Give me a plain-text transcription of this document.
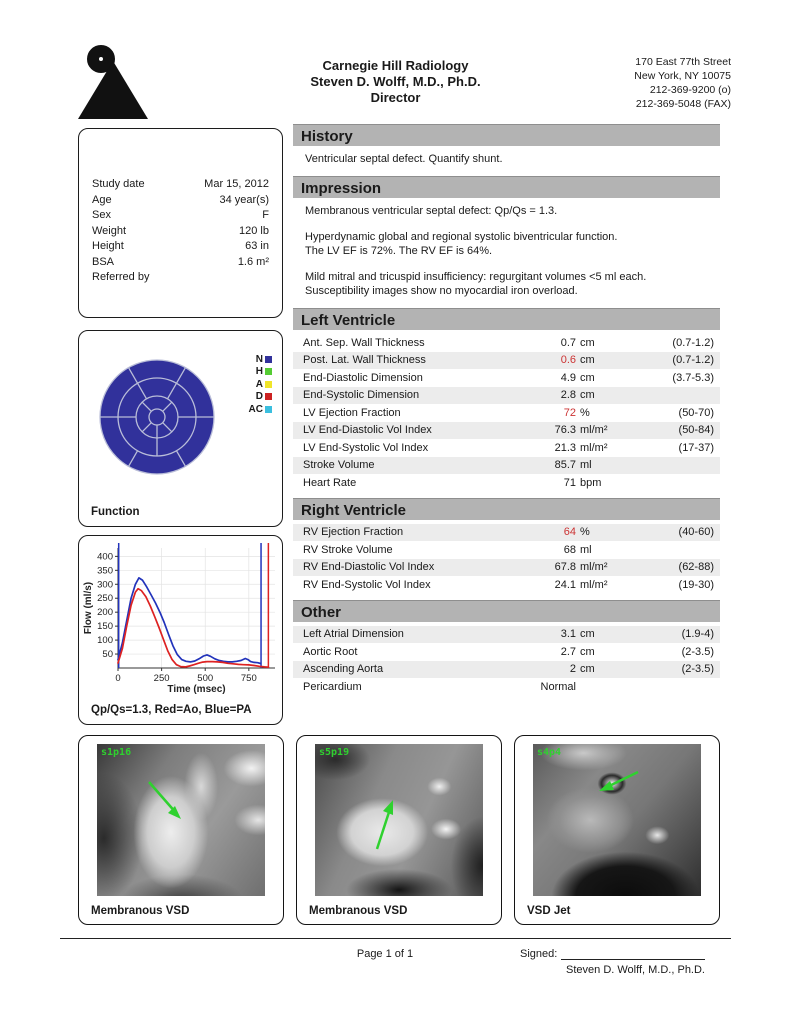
Carnegie Hill Radiology
Steven D. Wolff, M.D., Ph.D.
Director
170 East 77th Street
New York, NY 10075
212-369-9200 (o)
212-369-5048 (FAX)
Study date	Mar 15, 2012
Age	34 year(s)
Sex	F
Weight	120 lb
Height	63 in
BSA	1.6 m²
Referred by
N
H
A
D
AC
Function
50
100
150
200
250
300
350
400
0	250	500	750
Time (msec)
Flow (ml/s)
Qp/Qs=1.3, Red=Ao, Blue=PA
History
Ventricular septal defect. Quantify shunt.
Impression
Membranous ventricular septal defect: Qp/Qs = 1.3.
Hyperdynamic global and regional systolic biventricular function.
The LV EF is 72%. The RV EF is 64%.
Mild mitral and tricuspid insufficiency: regurgitant volumes <5 ml each.
Susceptibility images show no myocardial iron overload.
Left Ventricle
Ant. Sep. Wall Thickness	0.7 cm	(0.7-1.2)
Post. Lat. Wall Thickness	0.6 cm	(0.7-1.2)
End-Diastolic Dimension	4.9 cm	(3.7-5.3)
End-Systolic Dimension	2.8 cm
LV Ejection Fraction	72 %	(50-70)
LV End-Diastolic Vol Index	76.3 ml/m²	(50-84)
LV End-Systolic Vol Index	21.3 ml/m²	(17-37)
Stroke Volume	85.7 ml
Heart Rate	71 bpm
Right Ventricle
RV Ejection Fraction	64 %	(40-60)
RV Stroke Volume	68 ml
RV End-Diastolic Vol Index	67.8 ml/m²	(62-88)
RV End-Systolic Vol Index	24.1 ml/m²	(19-30)
Other
Left Atrial Dimension	3.1 cm	(1.9-4)
Aortic Root	2.7 cm	(2-3.5)
Ascending Aorta	2 cm	(2-3.5)
Pericardium	Normal
s1p16
Membranous VSD
s5p19
Membranous VSD
s4p4
VSD Jet
Page 1 of 1	Signed:
Steven D. Wolff, M.D., Ph.D.
